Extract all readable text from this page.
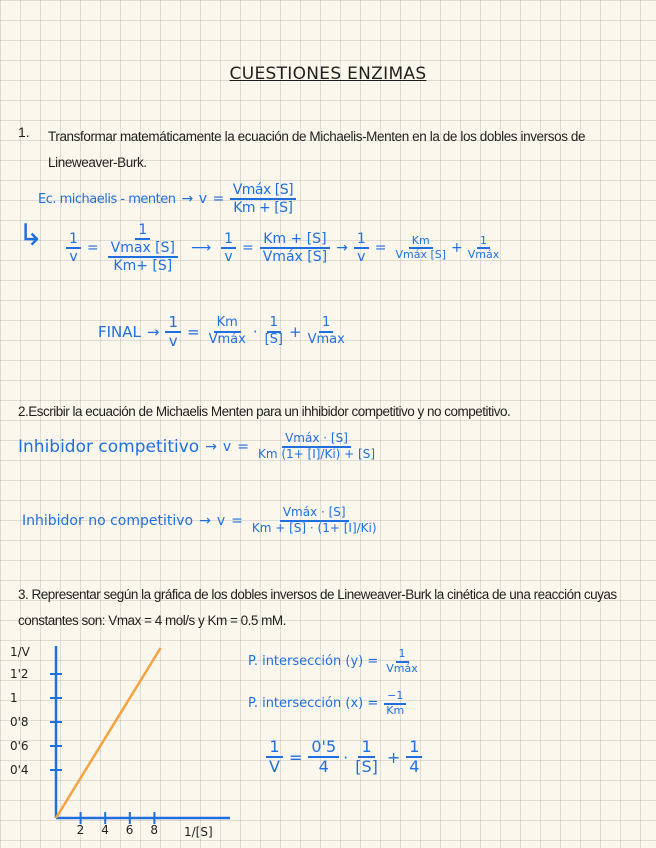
CUESTIONES ENZIMAS
1. Transformar matemáticamente la ecuación de Michaelis-Menten en la de los dobles inversos de Lineweaver-Burk.
Ec. michaelis - menten → $v = \frac{\text{Vmáx [S]}}{Km + [S]}$
↳ $\frac{1}{v} = 1$
Vmax [S]
Km+ [S] ⟶ $\frac{1}{v} = \frac{Km + [S]}{\text{Vmáx [S]}} \to \frac{1}{v} = \frac{Km}{\text{Vmáx [S]}} + \frac{1}{\text{Vmáx}}$
FINAL → $\frac{1}{v} = \frac{Km}{\text{Vmáx}} \cdot \frac{1}{[S]} + \frac{1}{Vmax}$
2.Escribir la ecuación de Michaelis Menten para un ihhibidor competitivo y no competitivo.
Inhibidor competitivo → $v = \frac{\text{Vmáx · [S]}}{Km (1+ [I]/Ki) + [S]}$
Inhibidor no competitivo → $v = \frac{\text{Vmáx · [S]}}{Km + [S] \cdot (1+ [I]/Ki)}$
3. Representar según la gráfica de los dobles inversos de Lineweaver-Burk la cinética de una reacción cuyas constantes son: Vmax = 4 mol/s y Km = 0.5 mM.
1/V
1/[S]
2 4 6 8
0'4
0'6
0'8
1
1'2
P. intersección $(y) = \frac{1}{\text{Vmáx}}$
P. intersección $(x) = \frac{-1}{Km}$
$\frac{1}{V} = \frac{0'5}{4} \cdot \frac{1}{[S]} + \frac{1}{4}$
